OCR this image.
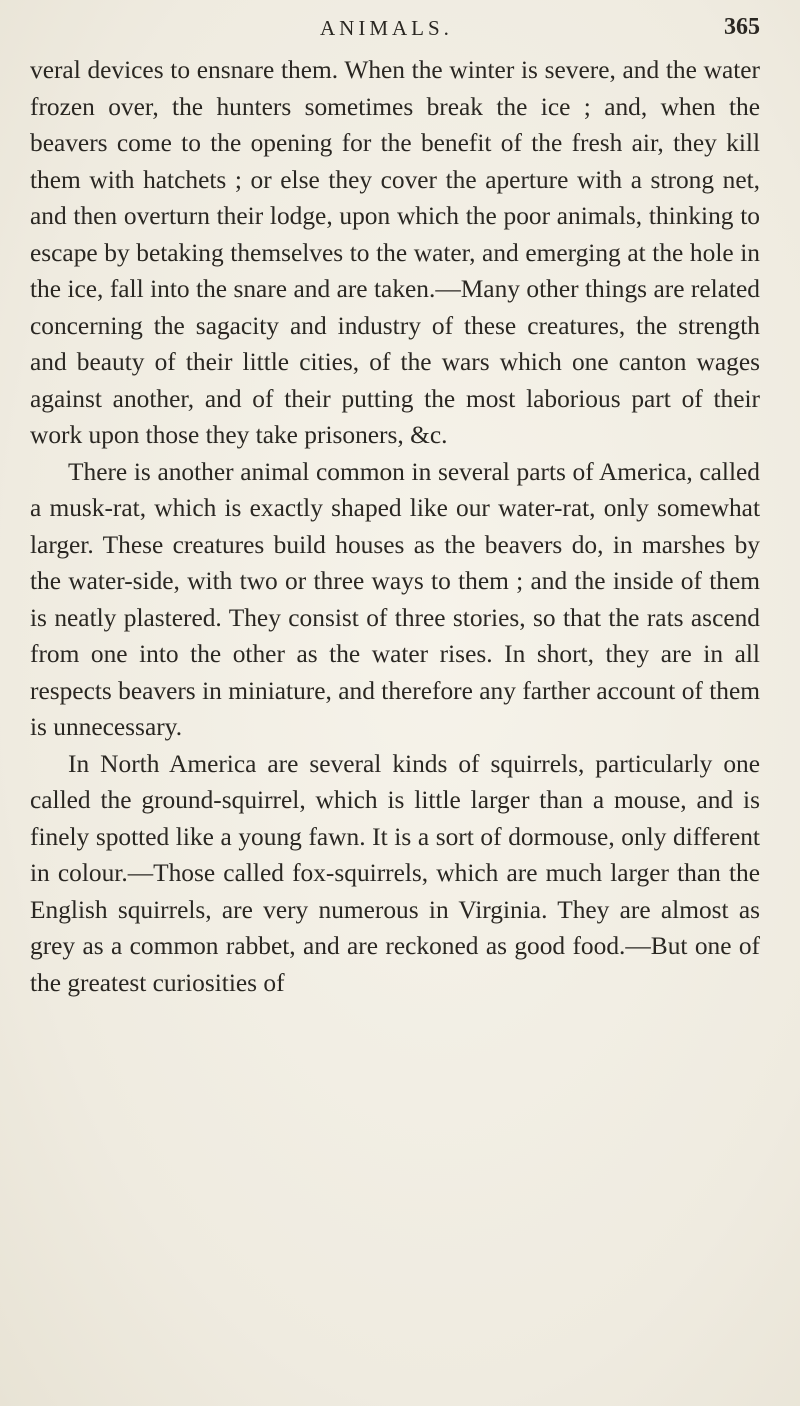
ANIMALS.	365

veral devices to ensnare them. When the winter is severe, and the water frozen over, the hunters sometimes break the ice ; and, when the beavers come to the opening for the benefit of the fresh air, they kill them with hatchets ; or else they cover the aperture with a strong net, and then overturn their lodge, upon which the poor animals, thinking to escape by betaking themselves to the water, and emerging at the hole in the ice, fall into the snare and are taken.—Many other things are related concerning the sagacity and industry of these creatures, the strength and beauty of their little cities, of the wars which one canton wages against another, and of their putting the most laborious part of their work upon those they take prisoners, &c.

There is another animal common in several parts of America, called a musk-rat, which is exactly shaped like our water-rat, only somewhat larger. These creatures build houses as the beavers do, in marshes by the water-side, with two or three ways to them ; and the inside of them is neatly plastered. They consist of three stories, so that the rats ascend from one into the other as the water rises. In short, they are in all respects beavers in miniature, and therefore any farther account of them is unnecessary.

In North America are several kinds of squirrels, particularly one called the ground-squirrel, which is little larger than a mouse, and is finely spotted like a young fawn. It is a sort of dormouse, only different in colour.—Those called fox-squirrels, which are much larger than the English squirrels, are very numerous in Virginia. They are almost as grey as a common rabbet, and are reckoned as good food.—But one of the greatest curiosities of
